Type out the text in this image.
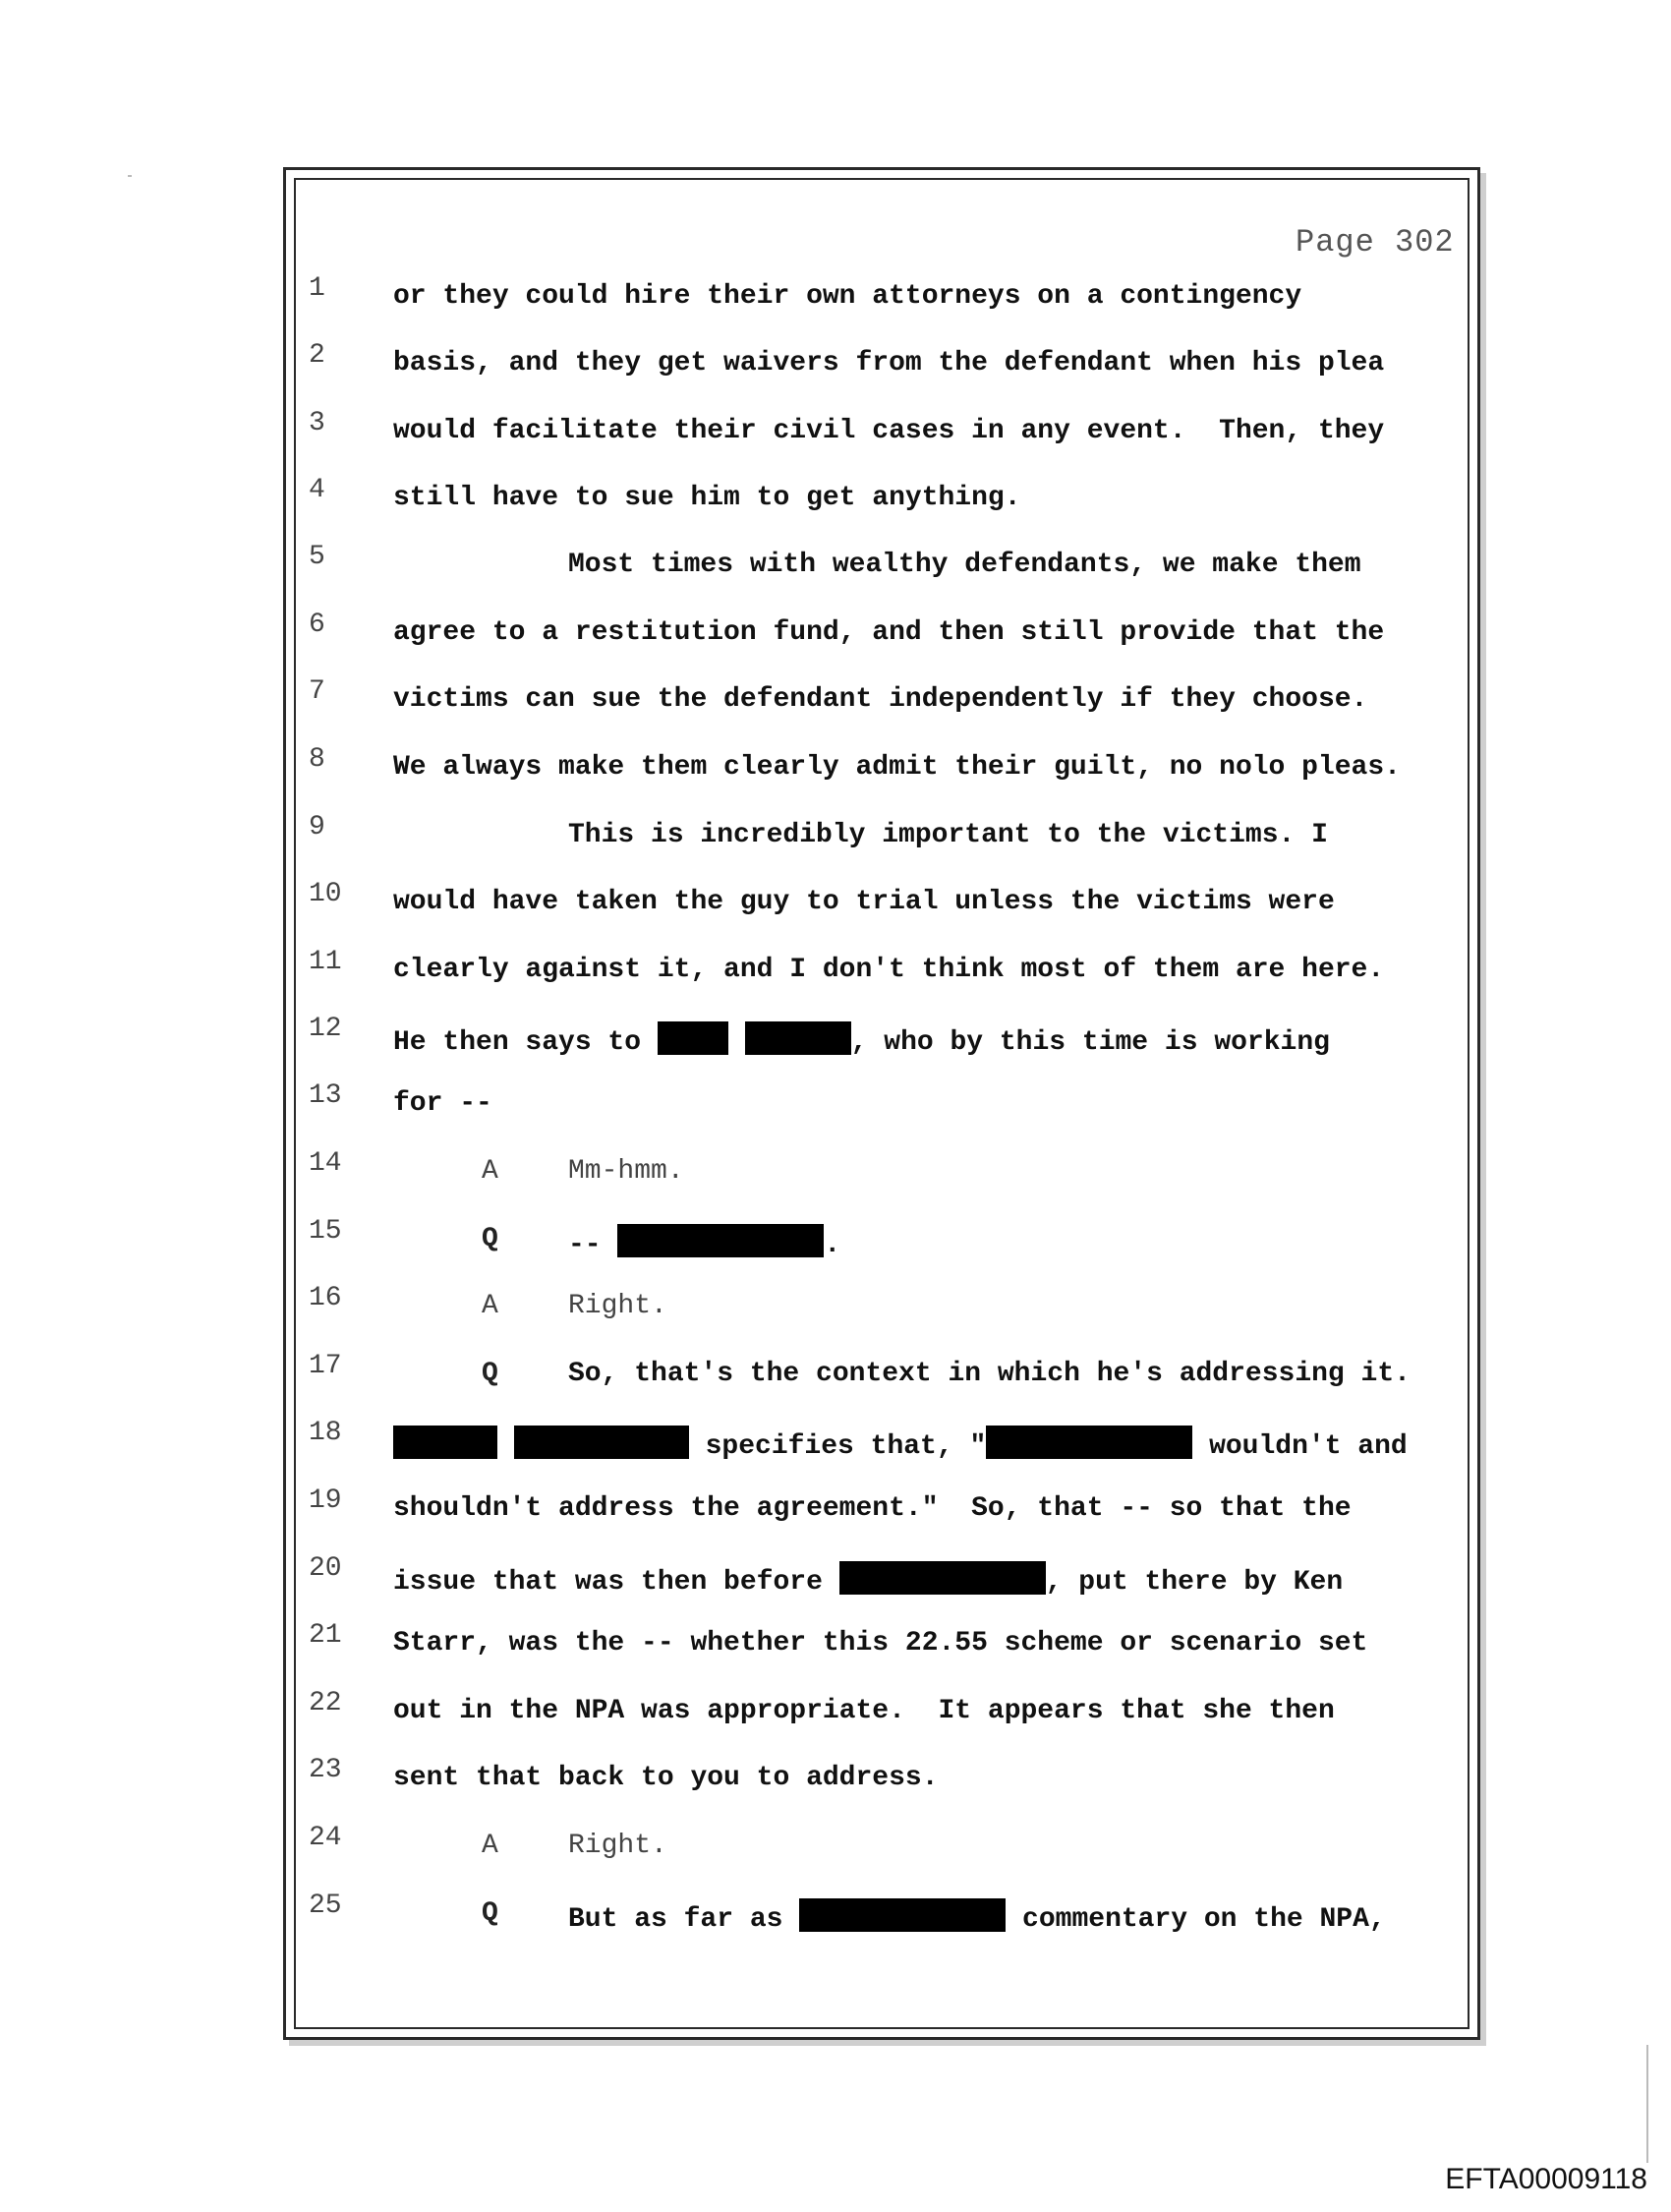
Page 302
1 or they could hire their own attorneys on a contingency
2 basis, and they get waivers from the defendant when his plea
3 would facilitate their civil cases in any event.  Then, they
4 still have to sue him to get anything.
5	Most times with wealthy defendants, we make them
6 agree to a restitution fund, and then still provide that the
7 victims can sue the defendant independently if they choose.
8 We always make them clearly admit their guilt, no nolo pleas.
9	This is incredibly important to the victims. I
10 would have taken the guy to trial unless the victims were
11 clearly against it, and I don't think most of them are here.
12 He then says to	, who by this time is working
13 for --
14	A	Mm-hmm.
15	Q	--	.
16	A	Right.
17	Q	So, that's the context in which he's addressing it.
18	specifies that, "	wouldn't and
19 shouldn't address the agreement."  So, that -- so that the
20 issue that was then before	, put there by Ken
21 Starr, was the -- whether this 22.55 scheme or scenario set
22 out in the NPA was appropriate.  It appears that she then
23 sent that back to you to address.
24	A	Right.
25	Q	But as far as	commentary on the NPA,
EFTA00009118
